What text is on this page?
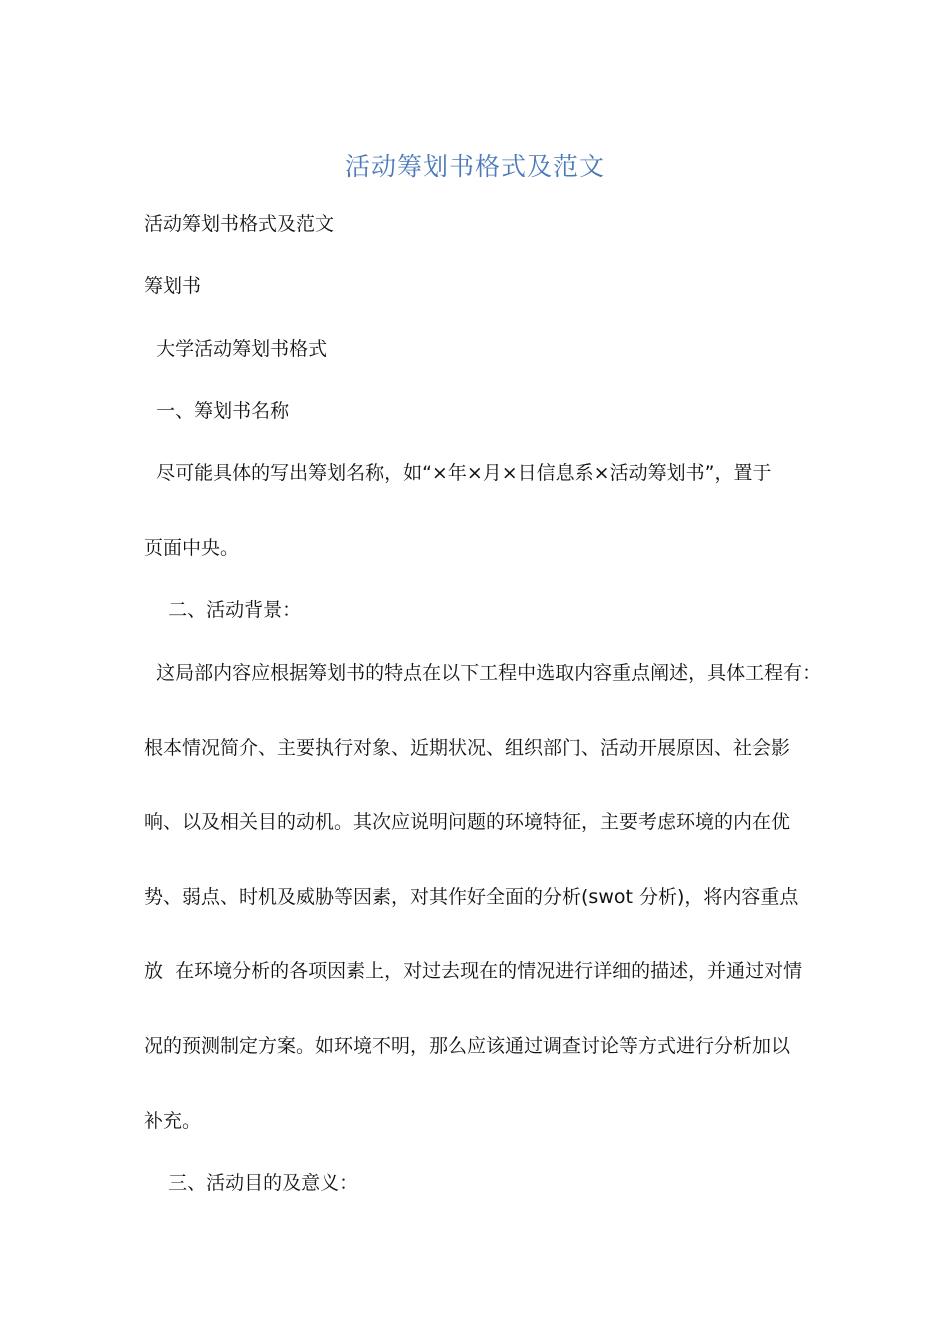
活动筹划书格式及范文
活动筹划书格式及范文
筹划书
大学活动筹划书格式
一、筹划书名称
尽可能具体的写出筹划名称，如“×年×月×日信息系×活动筹划书”，置于
页面中央。
二、活动背景：
这局部内容应根据筹划书的特点在以下工程中选取内容重点阐述，具体工程有：
根本情况简介、主要执行对象、近期状况、组织部门、活动开展原因、社会影
响、以及相关目的动机。其次应说明问题的环境特征，主要考虑环境的内在优
势、弱点、时机及威胁等因素，对其作好全面的分析(swot 分析)，将内容重点
放  在环境分析的各项因素上，对过去现在的情况进行详细的描述，并通过对情
况的预测制定方案。如环境不明，那么应该通过调查讨论等方式进行分析加以
补充。
三、活动目的及意义：
